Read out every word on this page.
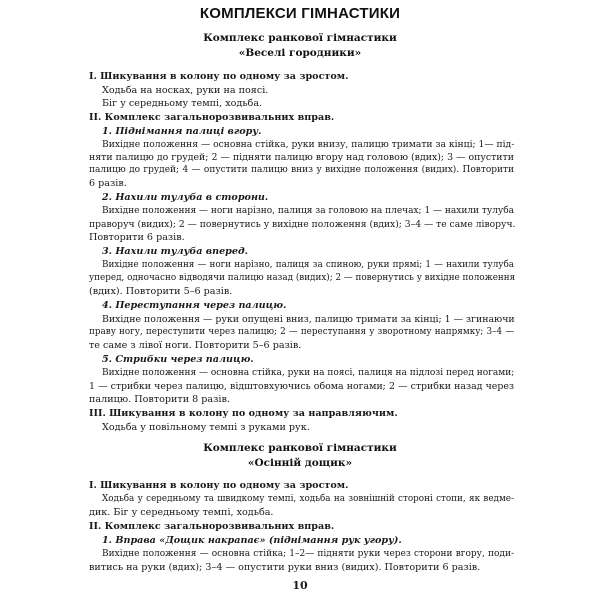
КОМПЛЕКСИ ГІМНАСТИКИ
Комплекс ранкової гімнастики
«Веселі городники»
I. Шикування в колону по одному за зростом.
Ходьба на носках, руки на поясі.
Біг у середньому темпі, ходьба.
II. Комплекс загальнорозвивальних вправ.
1. Піднімання палиці вгору.
Вихідне положення — основна стійка, руки внизу, палицю тримати за кінці; 1— під-
няти палицю до грудей; 2 — підняти палицю вгору над головою (вдих); 3 — опустити
палицю до грудей; 4 — опустити палицю вниз у вихідне положення (видих). Повторити
6 разів.
2. Нахили тулуба в сторони.
Вихідне положення — ноги нарізно, палиця за головою на плечах; 1 — нахили тулуба
праворуч (видих); 2 — повернутись у вихідне положення (вдих); 3–4 — те саме ліворуч.
Повторити 6 разів.
3. Нахили тулуба вперед.
Вихідне положення — ноги нарізно, палиця за спиною, руки прямі; 1 — нахили тулуба
уперед, одночасно відводячи палицю назад (видих); 2 — повернутись у вихідне положення
(вдих). Повторити 5–6 разів.
4. Переступання через палицю.
Вихідне положення — руки опущені вниз, палицю тримати за кінці; 1 — згинаючи
праву ногу, переступити через палицю; 2 — переступання у зворотному напрямку; 3–4 —
те саме з лівої ноги. Повторити 5–6 разів.
5. Стрибки через палицю.
Вихідне положення — основна стійка, руки на поясі, палиця на підлозі перед ногами;
1 — стрибки через палицю, відштовхуючись обома ногами; 2 — стрибки назад через
палицю. Повторити 8 разів.
III. Шикування в колону по одному за направляючим.
Ходьба у повільному темпі з руками рук.
Комплекс ранкової гімнастики
«Осінній дощик»
I. Шикування в колону по одному за зростом.
Ходьба у середньому та швидкому темпі, ходьба на зовнішній стороні стопи, як ведме-
дик. Біг у середньому темпі, ходьба.
II. Комплекс загальнорозвивальних вправ.
1. Вправа «Дощик накрапає» (піднімання рук угору).
Вихідне положення — основна стійка; 1–2— підняти руки через сторони вгору, поди-
витись на руки (вдих); 3–4 — опустити руки вниз (видих). Повторити 6 разів.
10
